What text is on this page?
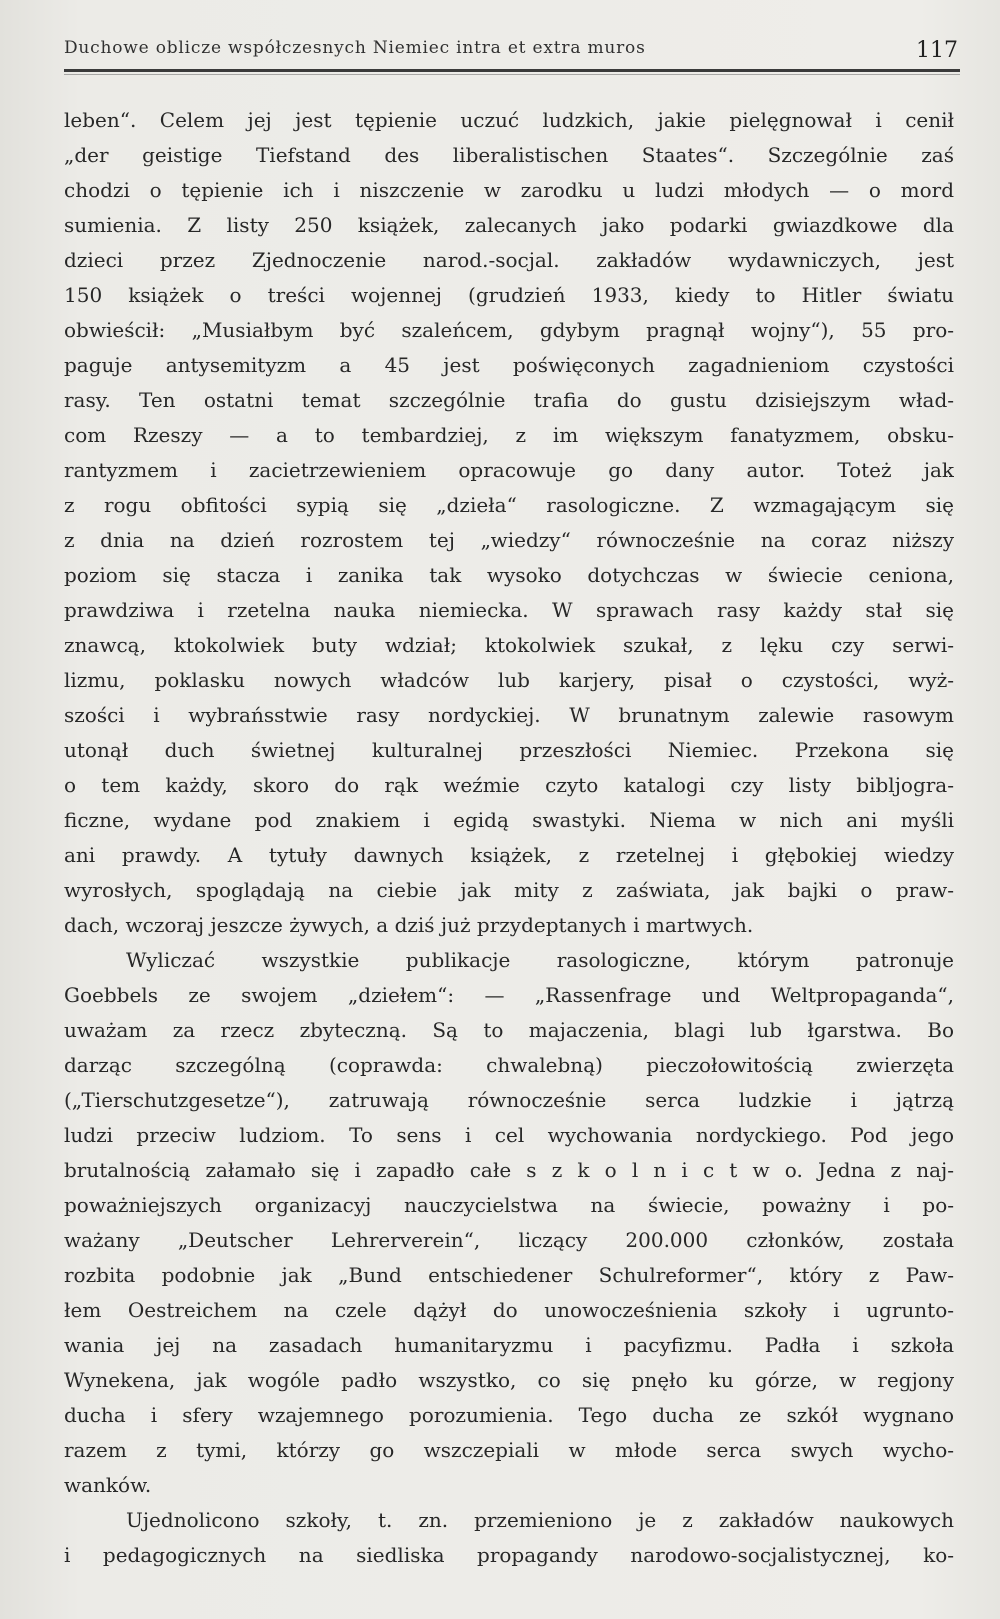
Duchowe oblicze współczesnych Niemiec intra et extra muros	117
leben“. Celem jej jest tępienie uczuć ludzkich, jakie pielęgnował i cenił
„der geistige Tiefstand des liberalistischen Staates“. Szczególnie zaś
chodzi o tępienie ich i niszczenie w zarodku u ludzi młodych — o mord
sumienia. Z listy 250 książek, zalecanych jako podarki gwiazdkowe dla
dzieci przez Zjednoczenie narod.-socjal. zakładów wydawniczych, jest
150 książek o treści wojennej (grudzień 1933, kiedy to Hitler światu
obwieścił: „Musiałbym być szaleńcem, gdybym pragnął wojny“), 55 pro-
paguje antysemityzm a 45 jest poświęconych zagadnieniom czystości
rasy. Ten ostatni temat szczególnie trafia do gustu dzisiejszym wład-
com Rzeszy — a to tembardziej, z im większym fanatyzmem, obsku-
rantyzmem i zacietrzewieniem opracowuje go dany autor. Toteż jak
z rogu obfitości sypią się „dzieła“ rasologiczne. Z wzmagającym się
z dnia na dzień rozrostem tej „wiedzy“ równocześnie na coraz niższy
poziom się stacza i zanika tak wysoko dotychczas w świecie ceniona,
prawdziwa i rzetelna nauka niemiecka. W sprawach rasy każdy stał się
znawcą, ktokolwiek buty wdział; ktokolwiek szukał, z lęku czy serwi-
lizmu, poklasku nowych władców lub karjery, pisał o czystości, wyż-
szości i wybrańsstwie rasy nordyckiej. W brunatnym zalewie rasowym
utonął duch świetnej kulturalnej przeszłości Niemiec. Przekona się
o tem każdy, skoro do rąk weźmie czyto katalogi czy listy bibljogra-
ficzne, wydane pod znakiem i egidą swastyki. Niema w nich ani myśli
ani prawdy. A tytuły dawnych książek, z rzetelnej i głębokiej wiedzy
wyrosłych, spoglądają na ciebie jak mity z zaświata, jak bajki o praw-
dach, wczoraj jeszcze żywych, a dziś już przydeptanych i martwych.
Wyliczać wszystkie publikacje rasologiczne, którym patronuje
Goebbels ze swojem „dziełem“: — „Rassenfrage und Weltpropaganda“,
uważam za rzecz zbyteczną. Są to majaczenia, blagi lub łgarstwa. Bo
darząc szczególną (coprawda: chwalebną) pieczołowitością zwierzęta
(„Tierschutzgesetze“), zatruwają równocześnie serca ludzkie i jątrzą
ludzi przeciw ludziom. To sens i cel wychowania nordyckiego. Pod jego
brutalnością załamało się i zapadło całe s z k o l n i c t w o. Jedna z naj-
poważniejszych organizacyj nauczycielstwa na świecie, poważny i po-
ważany „Deutscher Lehrerverein“, liczący 200.000 członków, została
rozbita podobnie jak „Bund entschiedener Schulreformer“, który z Paw-
łem Oestreichem na czele dążył do unowocześnienia szkoły i ugrunto-
wania jej na zasadach humanitaryzmu i pacyfizmu. Padła i szkoła
Wynekena, jak wogóle padło wszystko, co się pnęło ku górze, w regjony
ducha i sfery wzajemnego porozumienia. Tego ducha ze szkół wygnano
razem z tymi, którzy go wszczepiali w młode serca swych wycho-
wanków.
Ujednolicono szkoły, t. zn. przemieniono je z zakładów naukowych
i pedagogicznych na siedliska propagandy narodowo-socjalistycznej, ko-
